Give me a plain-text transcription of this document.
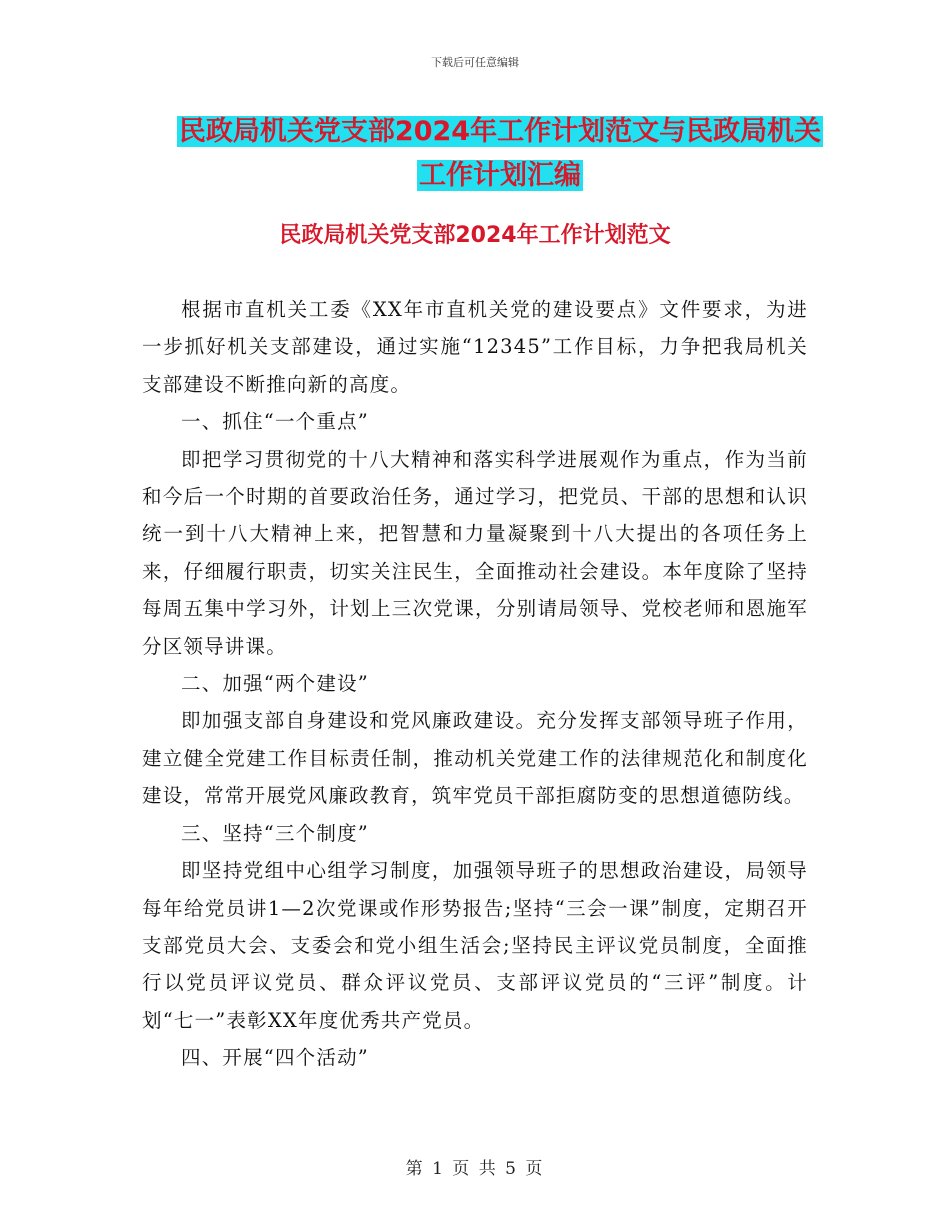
下载后可任意编辑
民政局机关党支部2024年工作计划范文与民政局机关
工作计划汇编
民政局机关党支部2024年工作计划范文

根据市直机关工委《XX年市直机关党的建设要点》文件要求，为进一步抓好机关支部建设，通过实施“12345”工作目标，力争把我局机关支部建设不断推向新的高度。

一、抓住“一个重点”

即把学习贯彻党的十八大精神和落实科学进展观作为重点，作为当前和今后一个时期的首要政治任务，通过学习，把党员、干部的思想和认识统一到十八大精神上来，把智慧和力量凝聚到十八大提出的各项任务上来，仔细履行职责，切实关注民生，全面推动社会建设。本年度除了坚持每周五集中学习外，计划上三次党课，分别请局领导、党校老师和恩施军分区领导讲课。

二、加强“两个建设”

即加强支部自身建设和党风廉政建设。充分发挥支部领导班子作用，建立健全党建工作目标责任制，推动机关党建工作的法律规范化和制度化建设，常常开展党风廉政教育，筑牢党员干部拒腐防变的思想道德防线。

三、坚持“三个制度”

即坚持党组中心组学习制度，加强领导班子的思想政治建设，局领导每年给党员讲1—2次党课或作形势报告;坚持“三会一课”制度，定期召开支部党员大会、支委会和党小组生活会;坚持民主评议党员制度，全面推行以党员评议党员、群众评议党员、支部评议党员的“三评”制度。计划“七一”表彰XX年度优秀共产党员。

四、开展“四个活动”

第 1 页 共 5 页
